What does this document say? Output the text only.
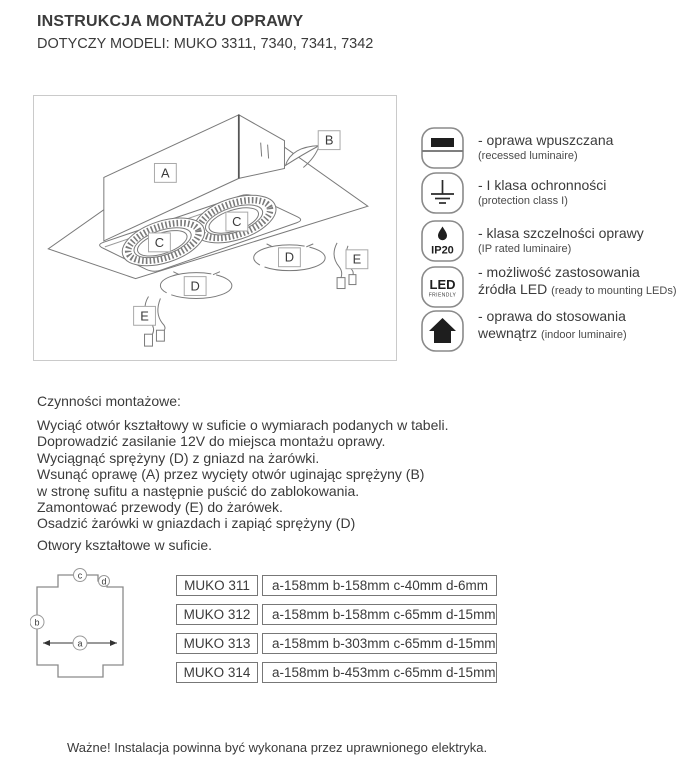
INSTRUKCJA MONTAŻU OPRAWY
DOTYCZY MODELI: MUKO 3311, 7340, 7341, 7342
A
B
C
C
D
D
E
E
- oprawa wpuszczana
(recessed luminaire)
- I klasa ochronności
(protection class I)
IP20
- klasa szczelności oprawy
(IP rated luminaire)
LED
FRIENDLY
- możliwość zastosowania
źródła LED (ready to mounting LEDs)
- oprawa do stosowania
wewnątrz (indoor luminaire)
Czynności montażowe:
Wyciąć otwór kształtowy w suficie o wymiarach podanych w tabeli.
Doprowadzić zasilanie 12V do miejsca montażu oprawy.
Wyciągnąć sprężyny (D) z gniazd na żarówki.
Wsunąć oprawę (A) przez wycięty otwór uginając sprężyny (B)
w stronę sufitu a następnie puścić do zablokowania.
Zamontować przewody (E) do żarówek.
Osadzić żarówki w gniazdach i zapiąć sprężyny (D)
Otwory kształtowe w suficie.
c
d
b
a
MUKO 311	a-158mm b-158mm c-40mm d-6mm
MUKO 312	a-158mm b-158mm c-65mm d-15mm
MUKO 313	a-158mm b-303mm c-65mm d-15mm
MUKO 314	a-158mm b-453mm c-65mm d-15mm
Ważne! Instalacja powinna być wykonana przez uprawnionego elektryka.
